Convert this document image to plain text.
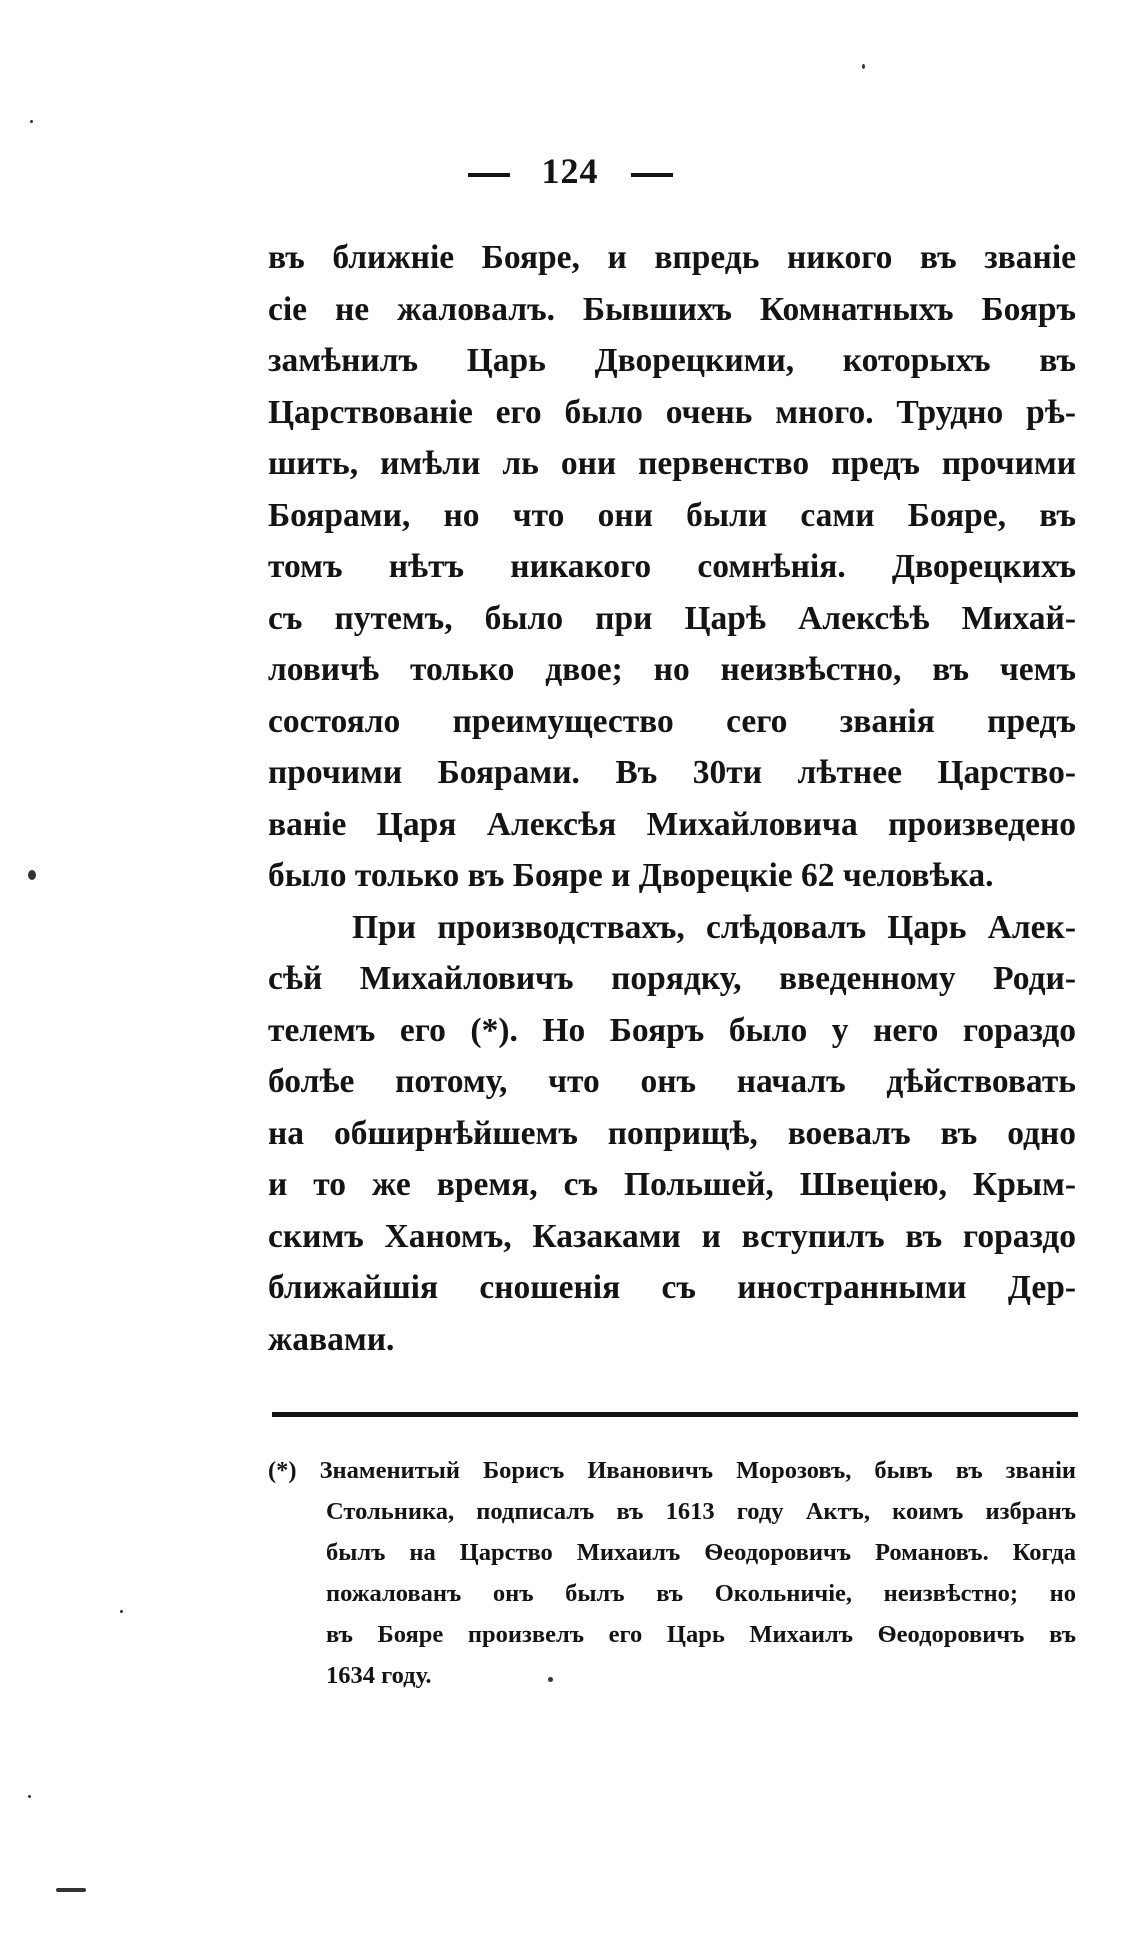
124
въ ближніе Бояре, и впредь никого въ званіе
сіе не жаловалъ. Бывшихъ Комнатныхъ Бояръ
замѣнилъ Царь Дворецкими, которыхъ въ
Царствованіе его было очень много. Трудно рѣ-
шить, имѣли ль они первенство предъ прочими
Боярами, но что они были сами Бояре, въ
томъ нѣтъ никакого сомнѣнія. Дворецкихъ
съ путемъ, было при Царѣ Алексѣѣ Михай-
ловичѣ только двое; но неизвѣстно, въ чемъ
состояло преимущество сего званія предъ
прочими Боярами. Въ 30ти лѣтнее Царство-
ваніе Царя Алексѣя Михайловича произведено
было только въ Бояре и Дворецкіе 62 человѣка.
При производствахъ, слѣдовалъ Царь Алек-
сѣй Михайловичъ порядку, введенному Роди-
телемъ его (*). Но Бояръ было у него гораздо
болѣе потому, что онъ началъ дѣйствовать
на обширнѣйшемъ поприщѣ, воевалъ въ одно
и то же время, съ Польшей, Швеціею, Крым-
скимъ Ханомъ, Казаками и вступилъ въ гораздо
ближайшія сношенія съ иностранными Дер-
жавами.
(*) Знаменитый Борисъ Ивановичъ Морозовъ, бывъ въ званіи
Стольника, подписалъ въ 1613 году Актъ, коимъ избранъ
былъ на Царство Михаилъ Ѳеодоровичъ Романовъ. Когда
пожалованъ онъ былъ въ Окольничіе, неизвѣстно; но
въ Бояре произвелъ его Царь Михаилъ Ѳеодоровичъ въ
1634 году.
